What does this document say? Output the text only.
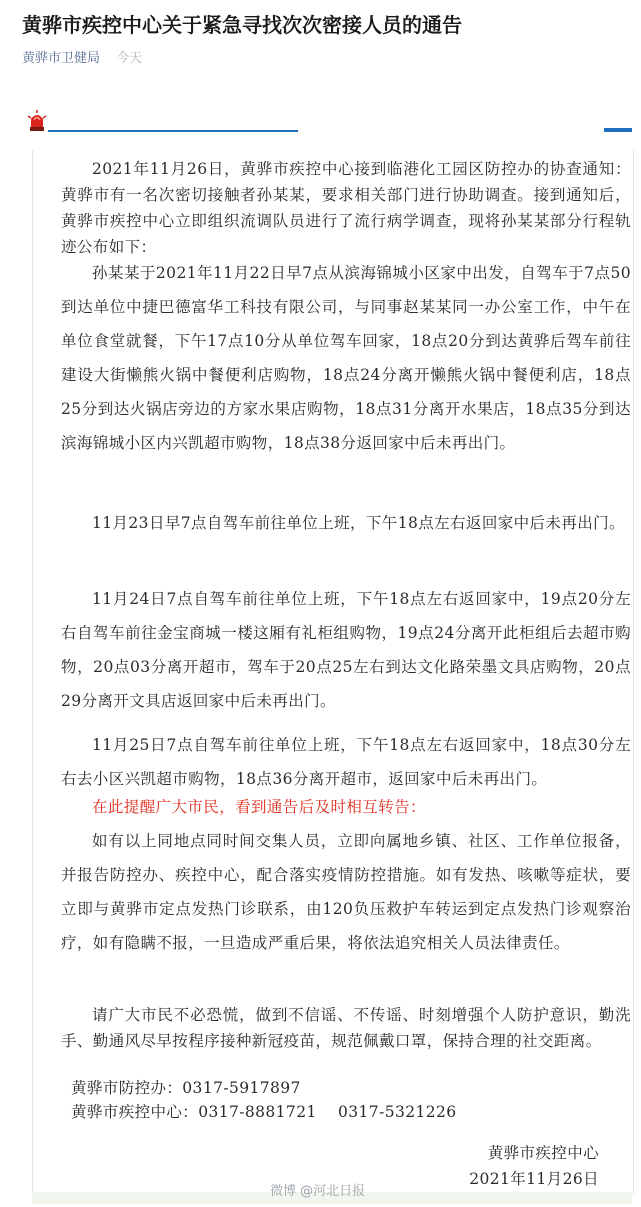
黄骅市疾控中心关于紧急寻找次次密接人员的通告
黄骅市卫健局 今天

2021年11月26日，黄骅市疾控中心接到临港化工园区防控办的协查通知：黄骅市有一名次密切接触者孙某某，要求相关部门进行协助调查。接到通知后，黄骅市疾控中心立即组织流调队员进行了流行病学调查，现将孙某某部分行程轨迹公布如下：

孙某某于2021年11月22日早7点从滨海锦城小区家中出发，自驾车于7点50到达单位中捷巴德富华工科技有限公司，与同事赵某某同一办公室工作，中午在单位食堂就餐，下午17点10分从单位驾车回家，18点20分到达黄骅后驾车前往建设大街懒熊火锅中餐便利店购物，18点24分离开懒熊火锅中餐便利店，18点25分到达火锅店旁边的方家水果店购物，18点31分离开水果店，18点35分到达滨海锦城小区内兴凯超市购物，18点38分返回家中后未再出门。

11月23日早7点自驾车前往单位上班，下午18点左右返回家中后未再出门。

11月24日7点自驾车前往单位上班，下午18点左右返回家中，19点20分左右自驾车前往金宝商城一楼这厢有礼柜组购物，19点24分离开此柜组后去超市购物，20点03分离开超市，驾车于20点25左右到达文化路荣墨文具店购物，20点29分离开文具店返回家中后未再出门。

11月25日7点自驾车前往单位上班，下午18点左右返回家中，18点30分左右去小区兴凯超市购物，18点36分离开超市，返回家中后未再出门。

在此提醒广大市民，看到通告后及时相互转告：

如有以上同地点同时间交集人员，立即向属地乡镇、社区、工作单位报备，并报告防控办、疾控中心，配合落实疫情防控措施。如有发热、咳嗽等症状，要立即与黄骅市定点发热门诊联系，由120负压救护车转运到定点发热门诊观察治疗，如有隐瞒不报，一旦造成严重后果，将依法追究相关人员法律责任。

请广大市民不必恐慌，做到不信谣、不传谣、时刻增强个人防护意识，勤洗手、勤通风尽早按程序接种新冠疫苗，规范佩戴口罩，保持合理的社交距离。

黄骅市防控办：0317-5917897
黄骅市疾控中心：0317-8881721    0317-5321226
黄骅市疾控中心
2021年11月26日
微博 @河北日报
